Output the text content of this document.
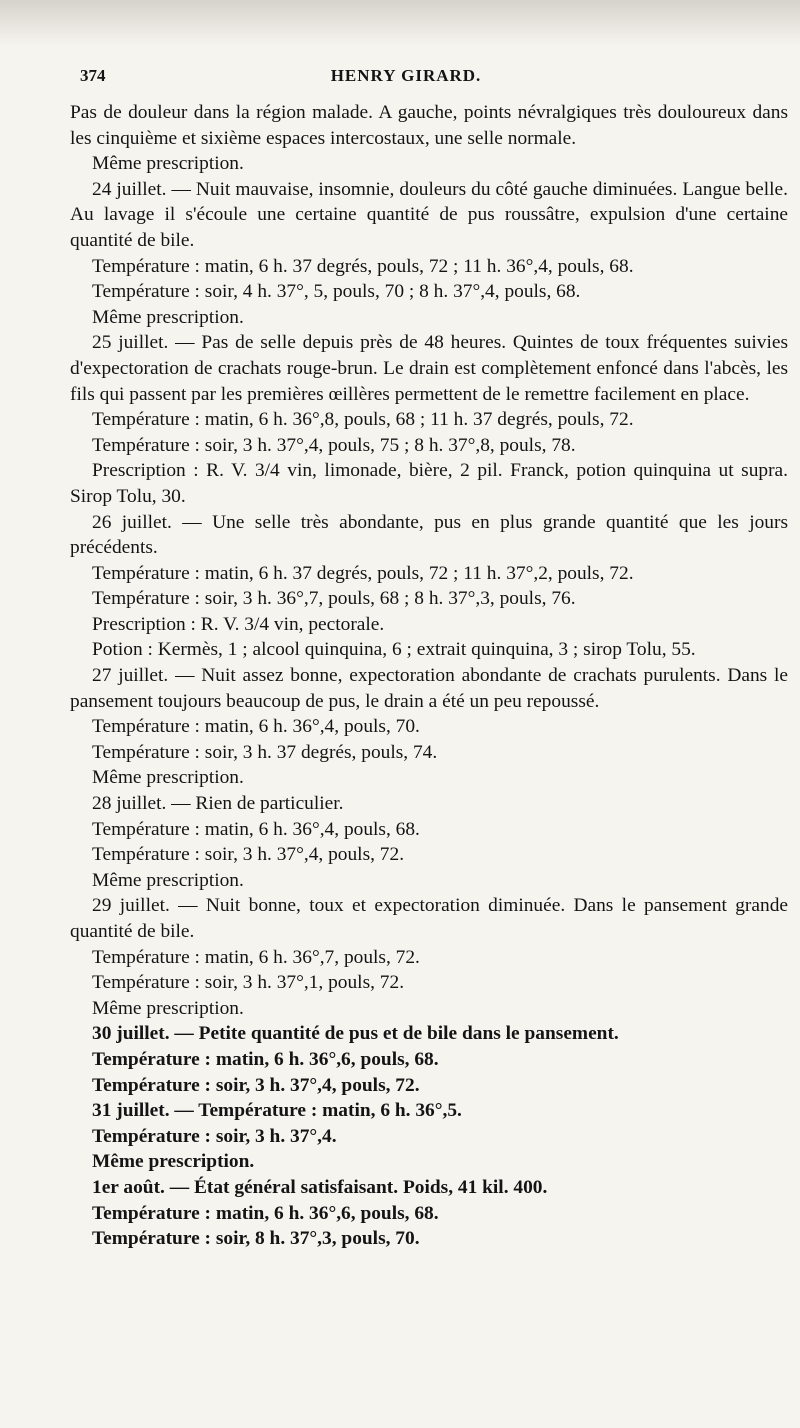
374	HENRY GIRARD.

Pas de douleur dans la région malade. A gauche, points névralgiques très douloureux dans les cinquième et sixième espaces intercostaux, une selle normale.

Même prescription.

24 juillet. — Nuit mauvaise, insomnie, douleurs du côté gauche diminuées. Langue belle. Au lavage il s'écoule une certaine quantité de pus roussâtre, expulsion d'une certaine quantité de bile.

Température : matin, 6 h. 37 degrés, pouls, 72 ; 11 h. 36°,4, pouls, 68.

Température : soir, 4 h. 37°, 5, pouls, 70 ; 8 h. 37°,4, pouls, 68.

Même prescription.

25 juillet. — Pas de selle depuis près de 48 heures. Quintes de toux fréquentes suivies d'expectoration de crachats rouge-brun. Le drain est complètement enfoncé dans l'abcès, les fils qui passent par les premières œillères permettent de le remettre facilement en place.

Température : matin, 6 h. 36°,8, pouls, 68 ; 11 h. 37 degrés, pouls, 72.

Température : soir, 3 h. 37°,4, pouls, 75 ; 8 h. 37°,8, pouls, 78.

Prescription : R. V. 3/4 vin, limonade, bière, 2 pil. Franck, potion quinquina ut supra. Sirop Tolu, 30.

26 juillet. — Une selle très abondante, pus en plus grande quantité que les jours précédents.

Température : matin, 6 h. 37 degrés, pouls, 72 ; 11 h. 37°,2, pouls, 72.

Température : soir, 3 h. 36°,7, pouls, 68 ; 8 h. 37°,3, pouls, 76.

Prescription : R. V. 3/4 vin, pectorale.

Potion : Kermès, 1 ; alcool quinquina, 6 ; extrait quinquina, 3 ; sirop Tolu, 55.

27 juillet. — Nuit assez bonne, expectoration abondante de crachats purulents. Dans le pansement toujours beaucoup de pus, le drain a été un peu repoussé.

Température : matin, 6 h. 36°,4, pouls, 70.

Température : soir, 3 h. 37 degrés, pouls, 74.

Même prescription.

28 juillet. — Rien de particulier.

Température : matin, 6 h. 36°,4, pouls, 68.

Température : soir, 3 h. 37°,4, pouls, 72.

Même prescription.

29 juillet. — Nuit bonne, toux et expectoration diminuée. Dans le pansement grande quantité de bile.

Température : matin, 6 h. 36°,7, pouls, 72.

Température : soir, 3 h. 37°,1, pouls, 72.

Même prescription.

30 juillet. — Petite quantité de pus et de bile dans le pansement.

Température : matin, 6 h. 36°,6, pouls, 68.

Température : soir, 3 h. 37°,4, pouls, 72.

31 juillet. — Température : matin, 6 h. 36°,5.

Température : soir, 3 h. 37°,4.

Même prescription.

1er août. — État général satisfaisant. Poids, 41 kil. 400.

Température : matin, 6 h. 36°,6, pouls, 68.

Température : soir, 8 h. 37°,3, pouls, 70.
